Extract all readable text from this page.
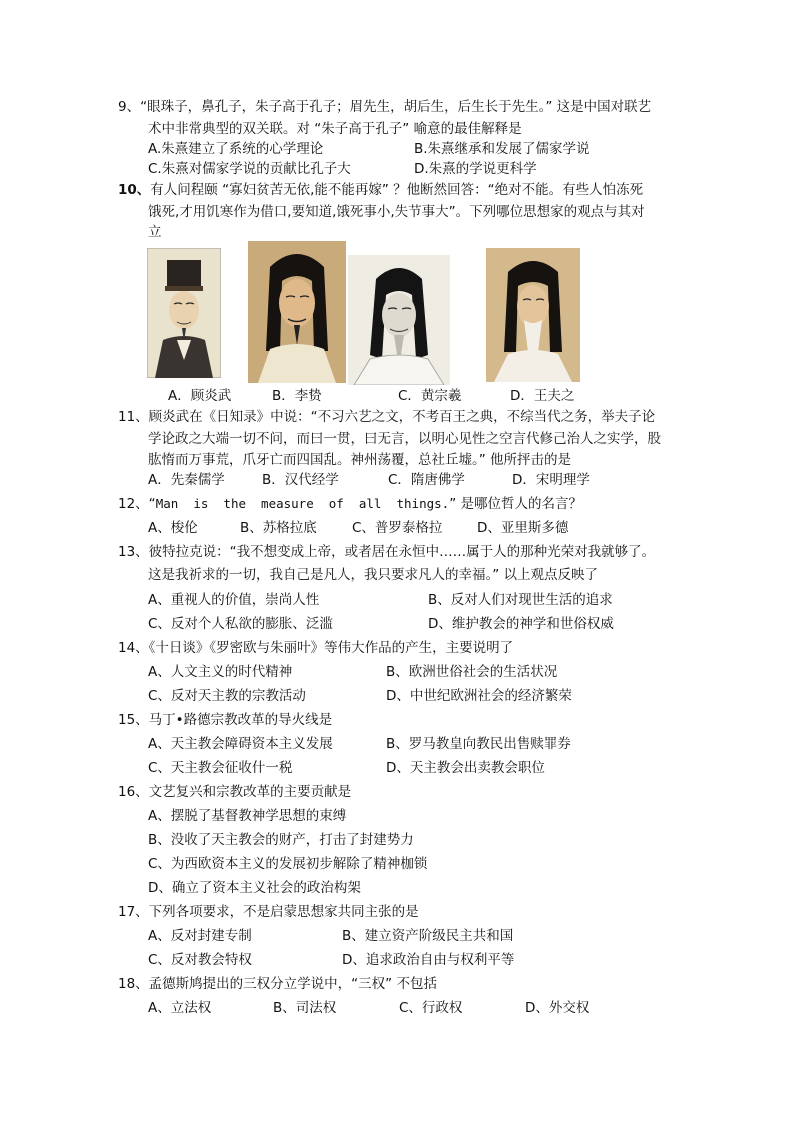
9、“眼珠子，鼻孔子，朱子高于孔子；眉先生，胡后生，后生长于先生。” 这是中国对联艺
术中非常典型的双关联。对 “朱子高于孔子” 喻意的最佳解释是
A.朱熹建立了系统的心学理论	B.朱熹继承和发展了儒家学说
C.朱熹对儒家学说的贡献比孔子大	D.朱熹的学说更科学
10、有人问程颐 “寡妇贫苦无依,能不能再嫁” ？他断然回答：“绝对不能。有些人怕冻死
饿死,才用饥寒作为借口,要知道,饿死事小,失节事大”。下列哪位思想家的观点与其对
立
A．顾炎武	B．李贽	C．黄宗羲	D．王夫之
11、顾炎武在《日知录》中说：“不习六艺之文，不考百王之典，不综当代之务，举夫子论
学论政之大端一切不问，而曰一贯，曰无言，以明心见性之空言代修己治人之实学，股
肱惰而万事荒，爪牙亡而四国乱。神州荡覆，总社丘墟。” 他所抨击的是
A．先秦儒学	B．汉代经学	C．隋唐佛学	D．宋明理学
12、“Man  is  the  measure  of  all  things.” 是哪位哲人的名言？
A、梭伦	B、苏格拉底	C、普罗泰格拉	D、亚里斯多德
13、彼特拉克说：“我不想变成上帝，或者居在永恒中……属于人的那种光荣对我就够了。
这是我祈求的一切，我自己是凡人，我只要求凡人的幸福。” 以上观点反映了
A、重视人的价值，崇尚人性	B、反对人们对现世生活的追求
C、反对个人私欲的膨胀、泛滥	D、维护教会的神学和世俗权威
14、《十日谈》《罗密欧与朱丽叶》等伟大作品的产生，主要说明了
A、人文主义的时代精神	B、欧洲世俗社会的生活状况
C、反对天主教的宗教活动	D、中世纪欧洲社会的经济繁荣
15、马丁•路德宗教改革的导火线是
A、天主教会障碍资本主义发展	B、罗马教皇向教民出售赎罪券
C、天主教会征收什一税	D、天主教会出卖教会职位
16、文艺复兴和宗教改革的主要贡献是
A、摆脱了基督教神学思想的束缚
B、没收了天主教会的财产，打击了封建势力
C、为西欧资本主义的发展初步解除了精神枷锁
D、确立了资本主义社会的政治构架
17、下列各项要求，不是启蒙思想家共同主张的是
A、反对封建专制	B、建立资产阶级民主共和国
C、反对教会特权	D、追求政治自由与权利平等
18、孟德斯鸠提出的三权分立学说中，“三权” 不包括
A、立法权	B、司法权	C、行政权	D、外交权
